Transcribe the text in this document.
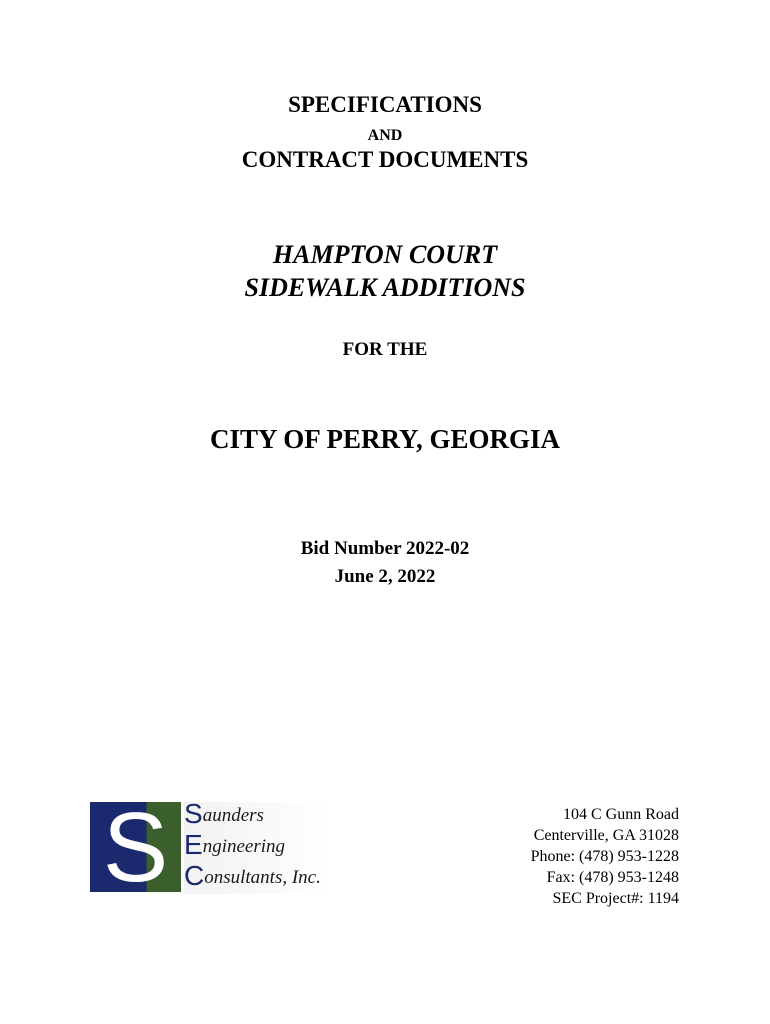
SPECIFICATIONS
AND
CONTRACT DOCUMENTS
HAMPTON COURT
SIDEWALK ADDITIONS
FOR THE
CITY OF PERRY, GEORGIA
Bid Number 2022-02
June 2, 2022
S Saunders
Engineering
Consultants, Inc.
104 C Gunn Road
Centerville, GA 31028
Phone: (478) 953-1228
Fax: (478) 953-1248
SEC Project#: 1194
